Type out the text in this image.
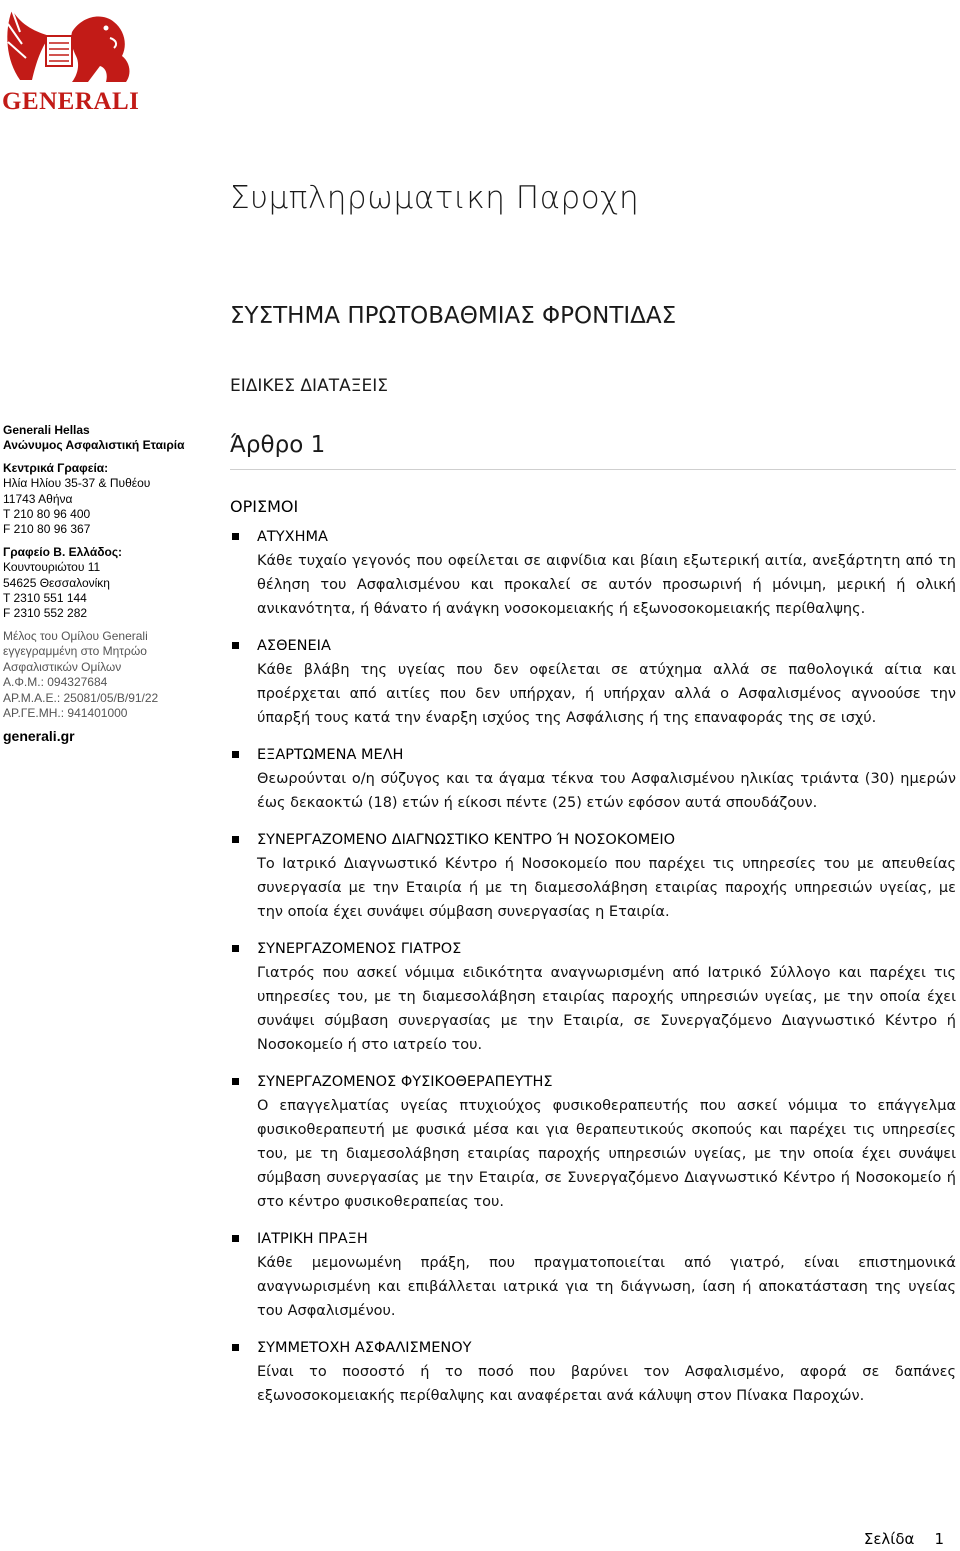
GENERALI
Συμπληρωματικη Παροχη
ΣΥΣΤΗΜΑ ΠΡΩΤΟΒΑΘΜΙΑΣ ΦΡΟΝΤΙΔΑΣ
ΕΙΔΙΚΕΣ ΔΙΑΤΑΞΕΙΣ
Άρθρο 1
Generali Hellas
Ανώνυμος Ασφαλιστική Εταιρία
Κεντρικά Γραφεία:
Ηλία Ηλίου 35-37 & Πυθέου
11743 Αθήνα
T 210 80 96 400
F 210 80 96 367
Γραφείο Β. Ελλάδος:
Κουντουριώτου 11
54625 Θεσσαλονίκη
T 2310 551 144
F 2310 552 282
Μέλος του Ομίλου Generali
εγγεγραμμένη στο Μητρώο
Ασφαλιστικών Ομίλων
Α.Φ.Μ.: 094327684
ΑΡ.Μ.Α.Ε.: 25081/05/Β/91/22
ΑΡ.ΓΕ.ΜΗ.: 941401000
generali.gr
ΟΡΙΣΜΟΙ
ΑΤΥΧΗΜΑ
Κάθε τυχαίο γεγονός που οφείλεται σε αιφνίδια και βίαιη εξωτερική αιτία, ανεξάρτητη από τη θέληση του Ασφαλισμένου και προκαλεί σε αυτόν προσωρινή ή μόνιμη, μερική ή ολική ανικανότητα, ή θάνατο ή ανάγκη νοσοκομειακής ή εξωνοσοκομειακής περίθαλψης.
ΑΣΘΕΝΕΙΑ
Κάθε βλάβη της υγείας που δεν οφείλεται σε ατύχημα αλλά σε παθολογικά αίτια και προέρχεται από αιτίες που δεν υπήρχαν, ή υπήρχαν αλλά ο Ασφαλισμένος αγνοούσε την ύπαρξή τους κατά την έναρξη ισχύος της Ασφάλισης ή της επαναφοράς της σε ισχύ.
ΕΞΑΡΤΩΜΕΝΑ ΜΕΛΗ
Θεωρούνται ο/η σύζυγος και τα άγαμα τέκνα του Ασφαλισμένου ηλικίας τριάντα (30) ημερών έως δεκαοκτώ (18) ετών ή είκοσι πέντε (25) ετών εφόσον αυτά σπουδάζουν.
ΣΥΝΕΡΓΑΖΟΜΕΝΟ ΔΙΑΓΝΩΣΤΙΚΟ ΚΕΝΤΡΟ Ή ΝΟΣΟΚΟΜΕΙΟ
Το Ιατρικό Διαγνωστικό Κέντρο ή Νοσοκομείο που παρέχει τις υπηρεσίες του με απευθείας συνεργασία με την Εταιρία ή με τη διαμεσολάβηση εταιρίας παροχής υπηρεσιών υγείας, με την οποία έχει συνάψει σύμβαση συνεργασίας η Εταιρία.
ΣΥΝΕΡΓΑΖΟΜΕΝΟΣ ΓΙΑΤΡΟΣ
Γιατρός που ασκεί νόμιμα ειδικότητα αναγνωρισμένη από Ιατρικό Σύλλογο και παρέχει τις υπηρεσίες του, με τη διαμεσολάβηση εταιρίας παροχής υπηρεσιών υγείας, με την οποία έχει συνάψει σύμβαση συνεργασίας με την Εταιρία, σε Συνεργαζόμενο Διαγνωστικό Κέντρο ή Νοσοκομείο ή στο ιατρείο του.
ΣΥΝΕΡΓΑΖΟΜΕΝΟΣ ΦΥΣΙΚΟΘΕΡΑΠΕΥΤΗΣ
Ο επαγγελματίας υγείας πτυχιούχος φυσικοθεραπευτής που ασκεί νόμιμα το επάγγελμα φυσικοθεραπευτή με φυσικά μέσα και για θεραπευτικούς σκοπούς και παρέχει τις υπηρεσίες του, με τη διαμεσολάβηση εταιρίας παροχής υπηρεσιών υγείας, με την οποία έχει συνάψει σύμβαση συνεργασίας με την Εταιρία, σε Συνεργαζόμενο Διαγνωστικό Κέντρο ή Νοσοκομείο ή στο κέντρο φυσικοθεραπείας του.
ΙΑΤΡΙΚΗ ΠΡΑΞΗ
Κάθε μεμονωμένη πράξη, που πραγματοποιείται από γιατρό, είναι επιστημονικά αναγνωρισμένη και επιβάλλεται ιατρικά για τη διάγνωση, ίαση ή αποκατάσταση της υγείας του Ασφαλισμένου.
ΣΥΜΜΕΤΟΧΗ ΑΣΦΑΛΙΣΜΕΝΟΥ
Είναι το ποσοστό ή το ποσό που βαρύνει τον Ασφαλισμένο, αφορά σε δαπάνες εξωνοσοκομειακής περίθαλψης και αναφέρεται ανά κάλυψη στον Πίνακα Παροχών.
Σελίδα 1
